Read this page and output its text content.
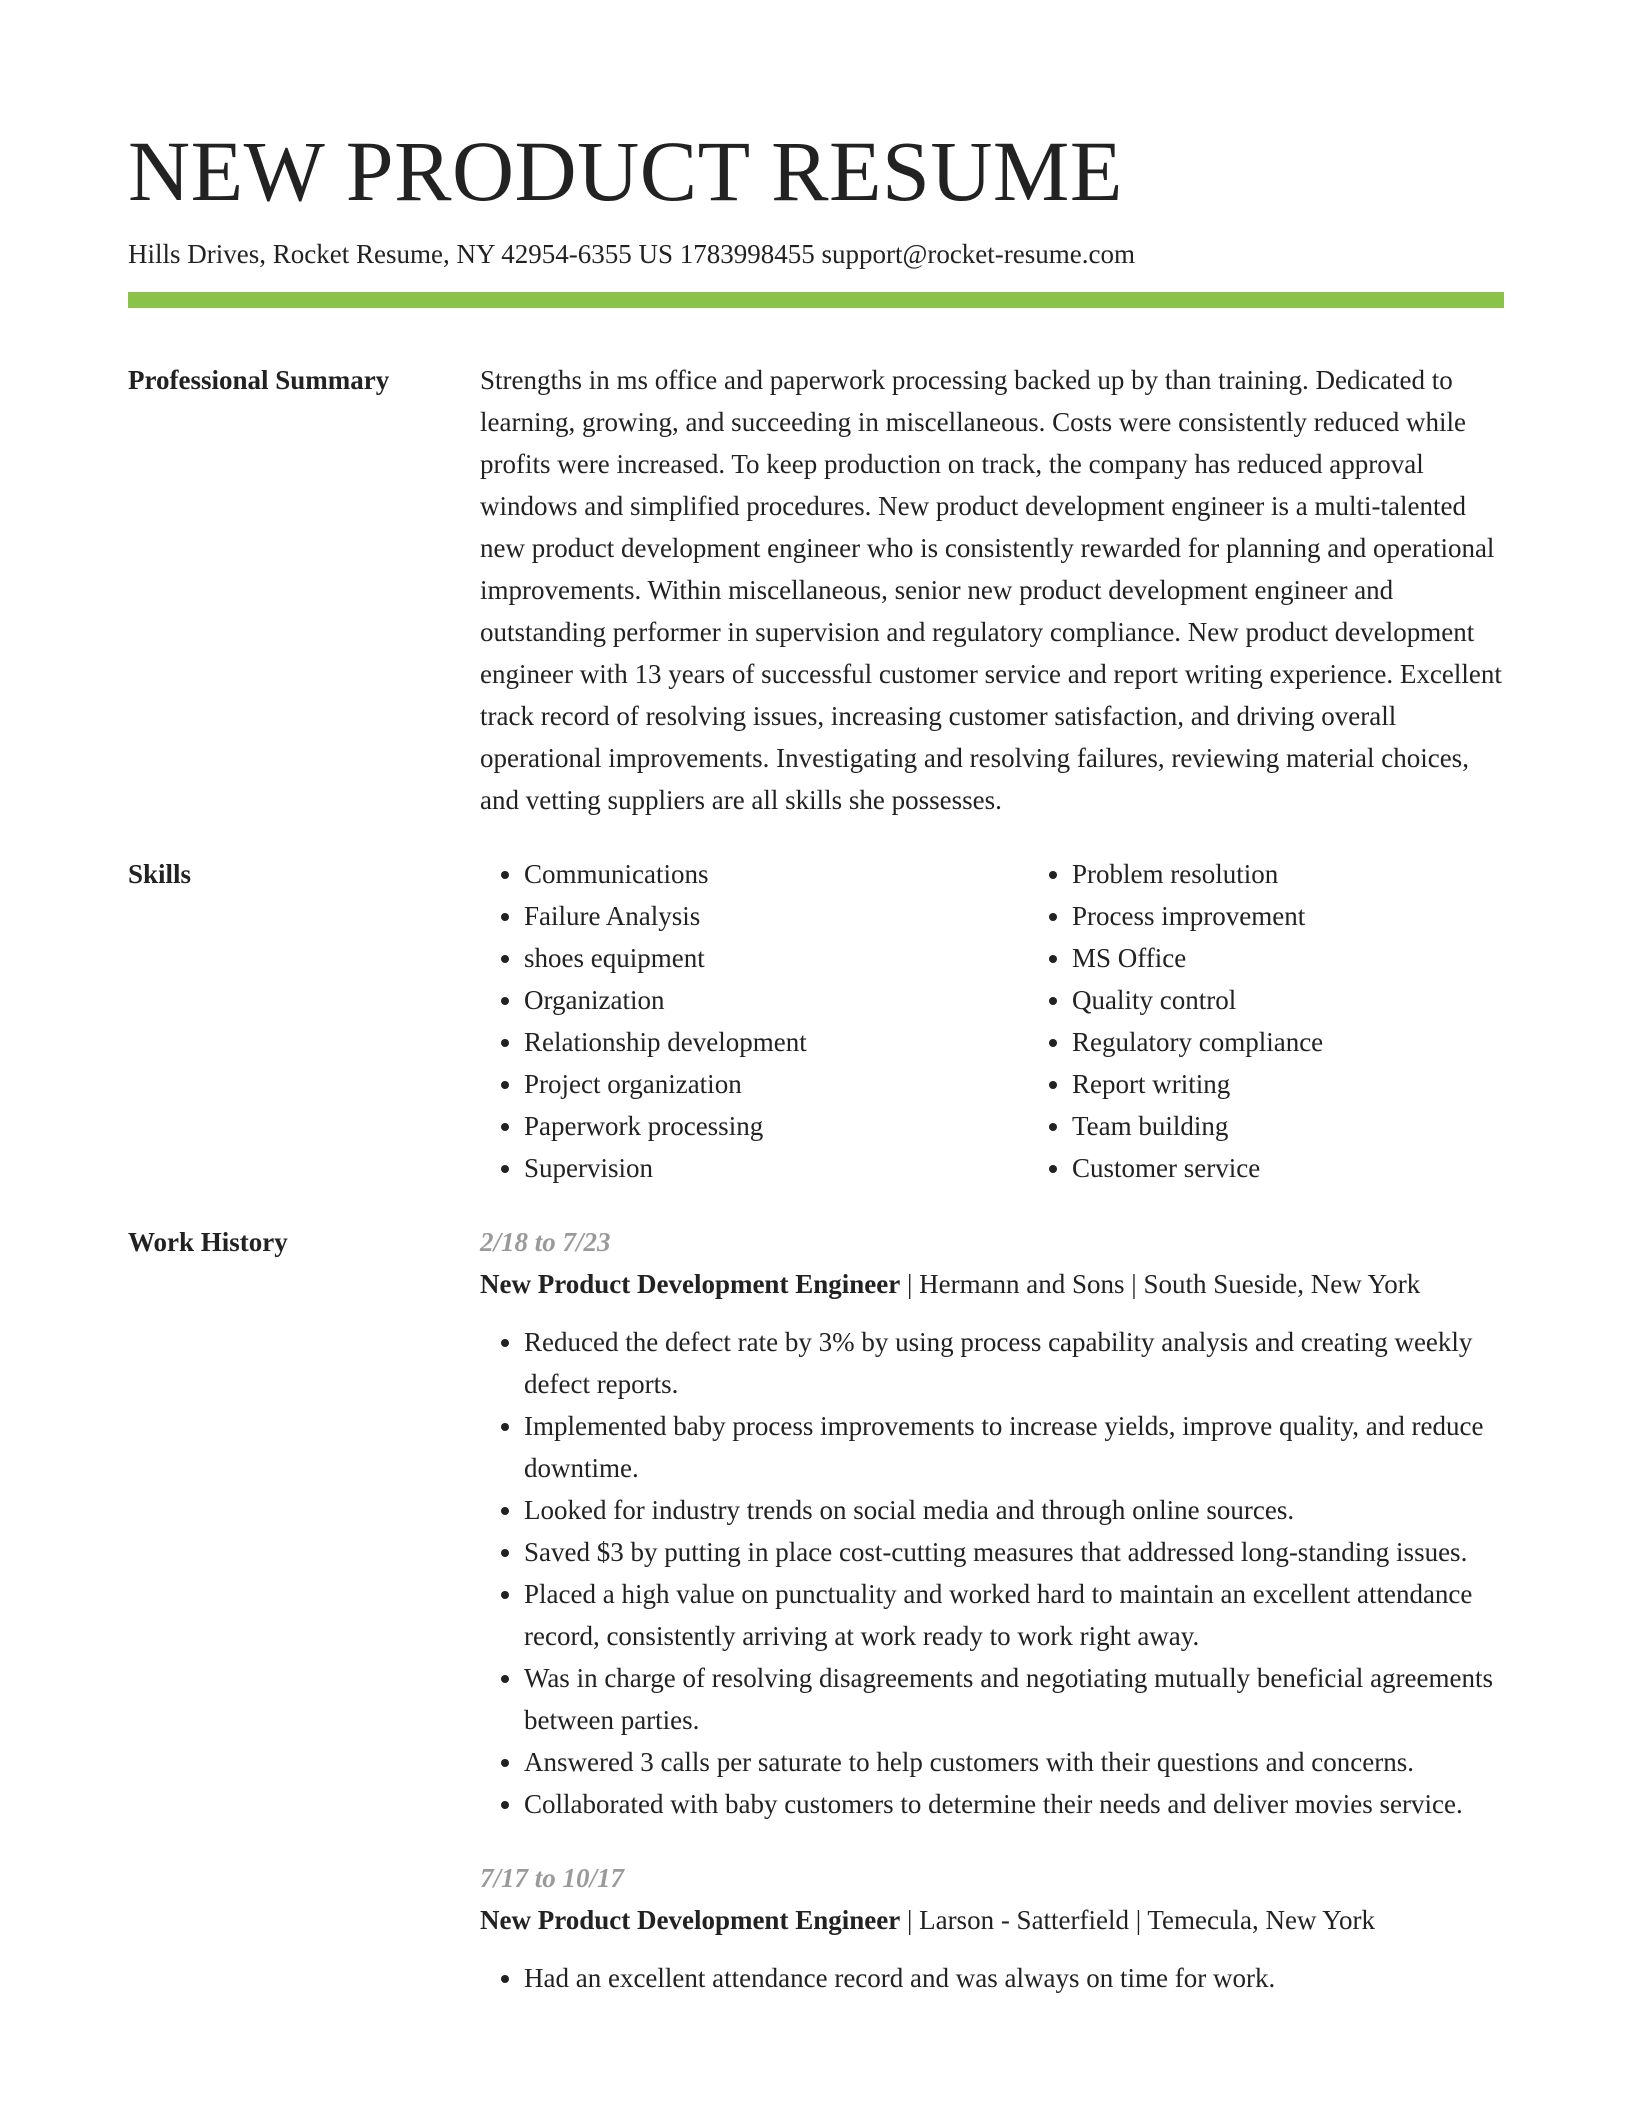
NEW PRODUCT RESUME
Hills Drives, Rocket Resume, NY 42954-6355 US 1783998455 support@rocket-resume.com
Professional Summary	Strengths in ms office and paperwork processing backed up by than training. Dedicated to learning, growing, and succeeding in miscellaneous. Costs were consistently reduced while profits were increased. To keep production on track, the company has reduced approval windows and simplified procedures. New product development engineer is a multi-talented new product development engineer who is consistently rewarded for planning and operational improvements. Within miscellaneous, senior new product development engineer and outstanding performer in supervision and regulatory compliance. New product development engineer with 13 years of successful customer service and report writing experience. Excellent track record of resolving issues, increasing customer satisfaction, and driving overall operational improvements. Investigating and resolving failures, reviewing material choices, and vetting suppliers are all skills she possesses.

Skills
•	Communications
• Failure Analysis
• shoes equipment
• Organization
• Relationship development
• Project organization
• Paperwork processing
• Supervision
• Problem resolution
• Process improvement
• MS Office
• Quality control
• Regulatory compliance
• Report writing
• Team building
• Customer service
Work History	2/18 to 7/23
New Product Development Engineer | Hermann and Sons | South Sueside, New York
• Reduced the defect rate by 3% by using process capability analysis and creating weekly defect reports.
• Implemented baby process improvements to increase yields, improve quality, and reduce downtime.
• Looked for industry trends on social media and through online sources.
• Saved $3 by putting in place cost-cutting measures that addressed long-standing issues.
• Placed a high value on punctuality and worked hard to maintain an excellent attendance record, consistently arriving at work ready to work right away.
• Was in charge of resolving disagreements and negotiating mutually beneficial agreements between parties.
• Answered 3 calls per saturate to help customers with their questions and concerns.
• Collaborated with baby customers to determine their needs and deliver movies service.
7/17 to 10/17
New Product Development Engineer | Larson - Satterfield | Temecula, New York
• Had an excellent attendance record and was always on time for work.
